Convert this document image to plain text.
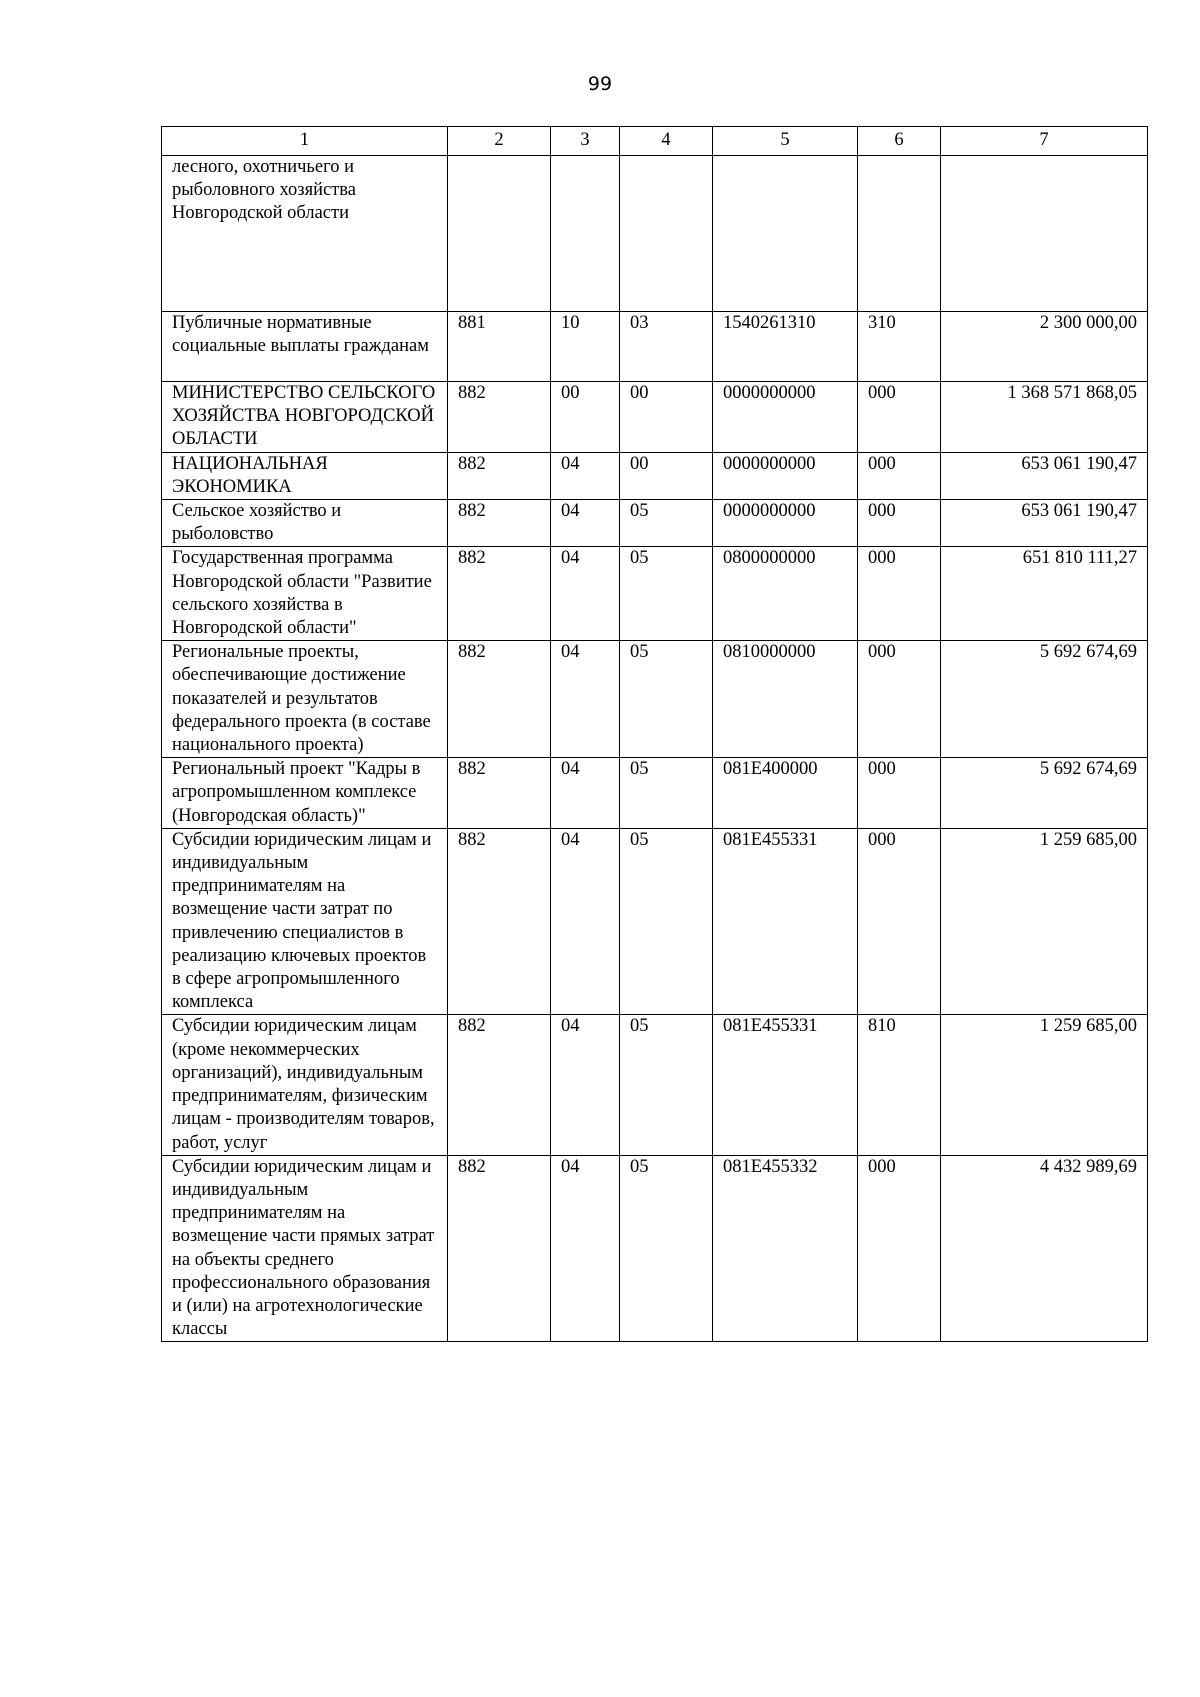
99
1	2	3	4	5	6	7
лесного, охотничьего и рыболовного хозяйства Новгородской области						
Публичные нормативные социальные выплаты гражданам	881	10	03	1540261310	310	2 300 000,00
МИНИСТЕРСТВО СЕЛЬСКОГО ХОЗЯЙСТВА НОВГОРОДСКОЙ ОБЛАСТИ	882	00	00	0000000000	000	1 368 571 868,05
НАЦИОНАЛЬНАЯ ЭКОНОМИКА	882	04	00	0000000000	000	653 061 190,47
Сельское хозяйство и рыболовство	882	04	05	0000000000	000	653 061 190,47
Государственная программа Новгородской области "Развитие сельского хозяйства в Новгородской области"	882	04	05	0800000000	000	651 810 111,27
Региональные проекты, обеспечивающие достижение показателей и результатов федерального проекта (в составе национального проекта)	882	04	05	0810000000	000	5 692 674,69
Региональный проект "Кадры в агропромышленном комплексе (Новгородская область)"	882	04	05	081E400000	000	5 692 674,69
Субсидии юридическим лицам и индивидуальным предпринимателям на возмещение части затрат по привлечению специалистов в реализацию ключевых проектов в сфере агропромышленного комплекса	882	04	05	081E455331	000	1 259 685,00
Субсидии юридическим лицам (кроме некоммерческих организаций), индивидуальным предпринимателям, физическим лицам - производителям товаров, работ, услуг	882	04	05	081E455331	810	1 259 685,00
Субсидии юридическим лицам и индивидуальным предпринимателям на возмещение части прямых затрат на объекты среднего профессионального образования и (или) на агротехнологические классы	882	04	05	081E455332	000	4 432 989,69
